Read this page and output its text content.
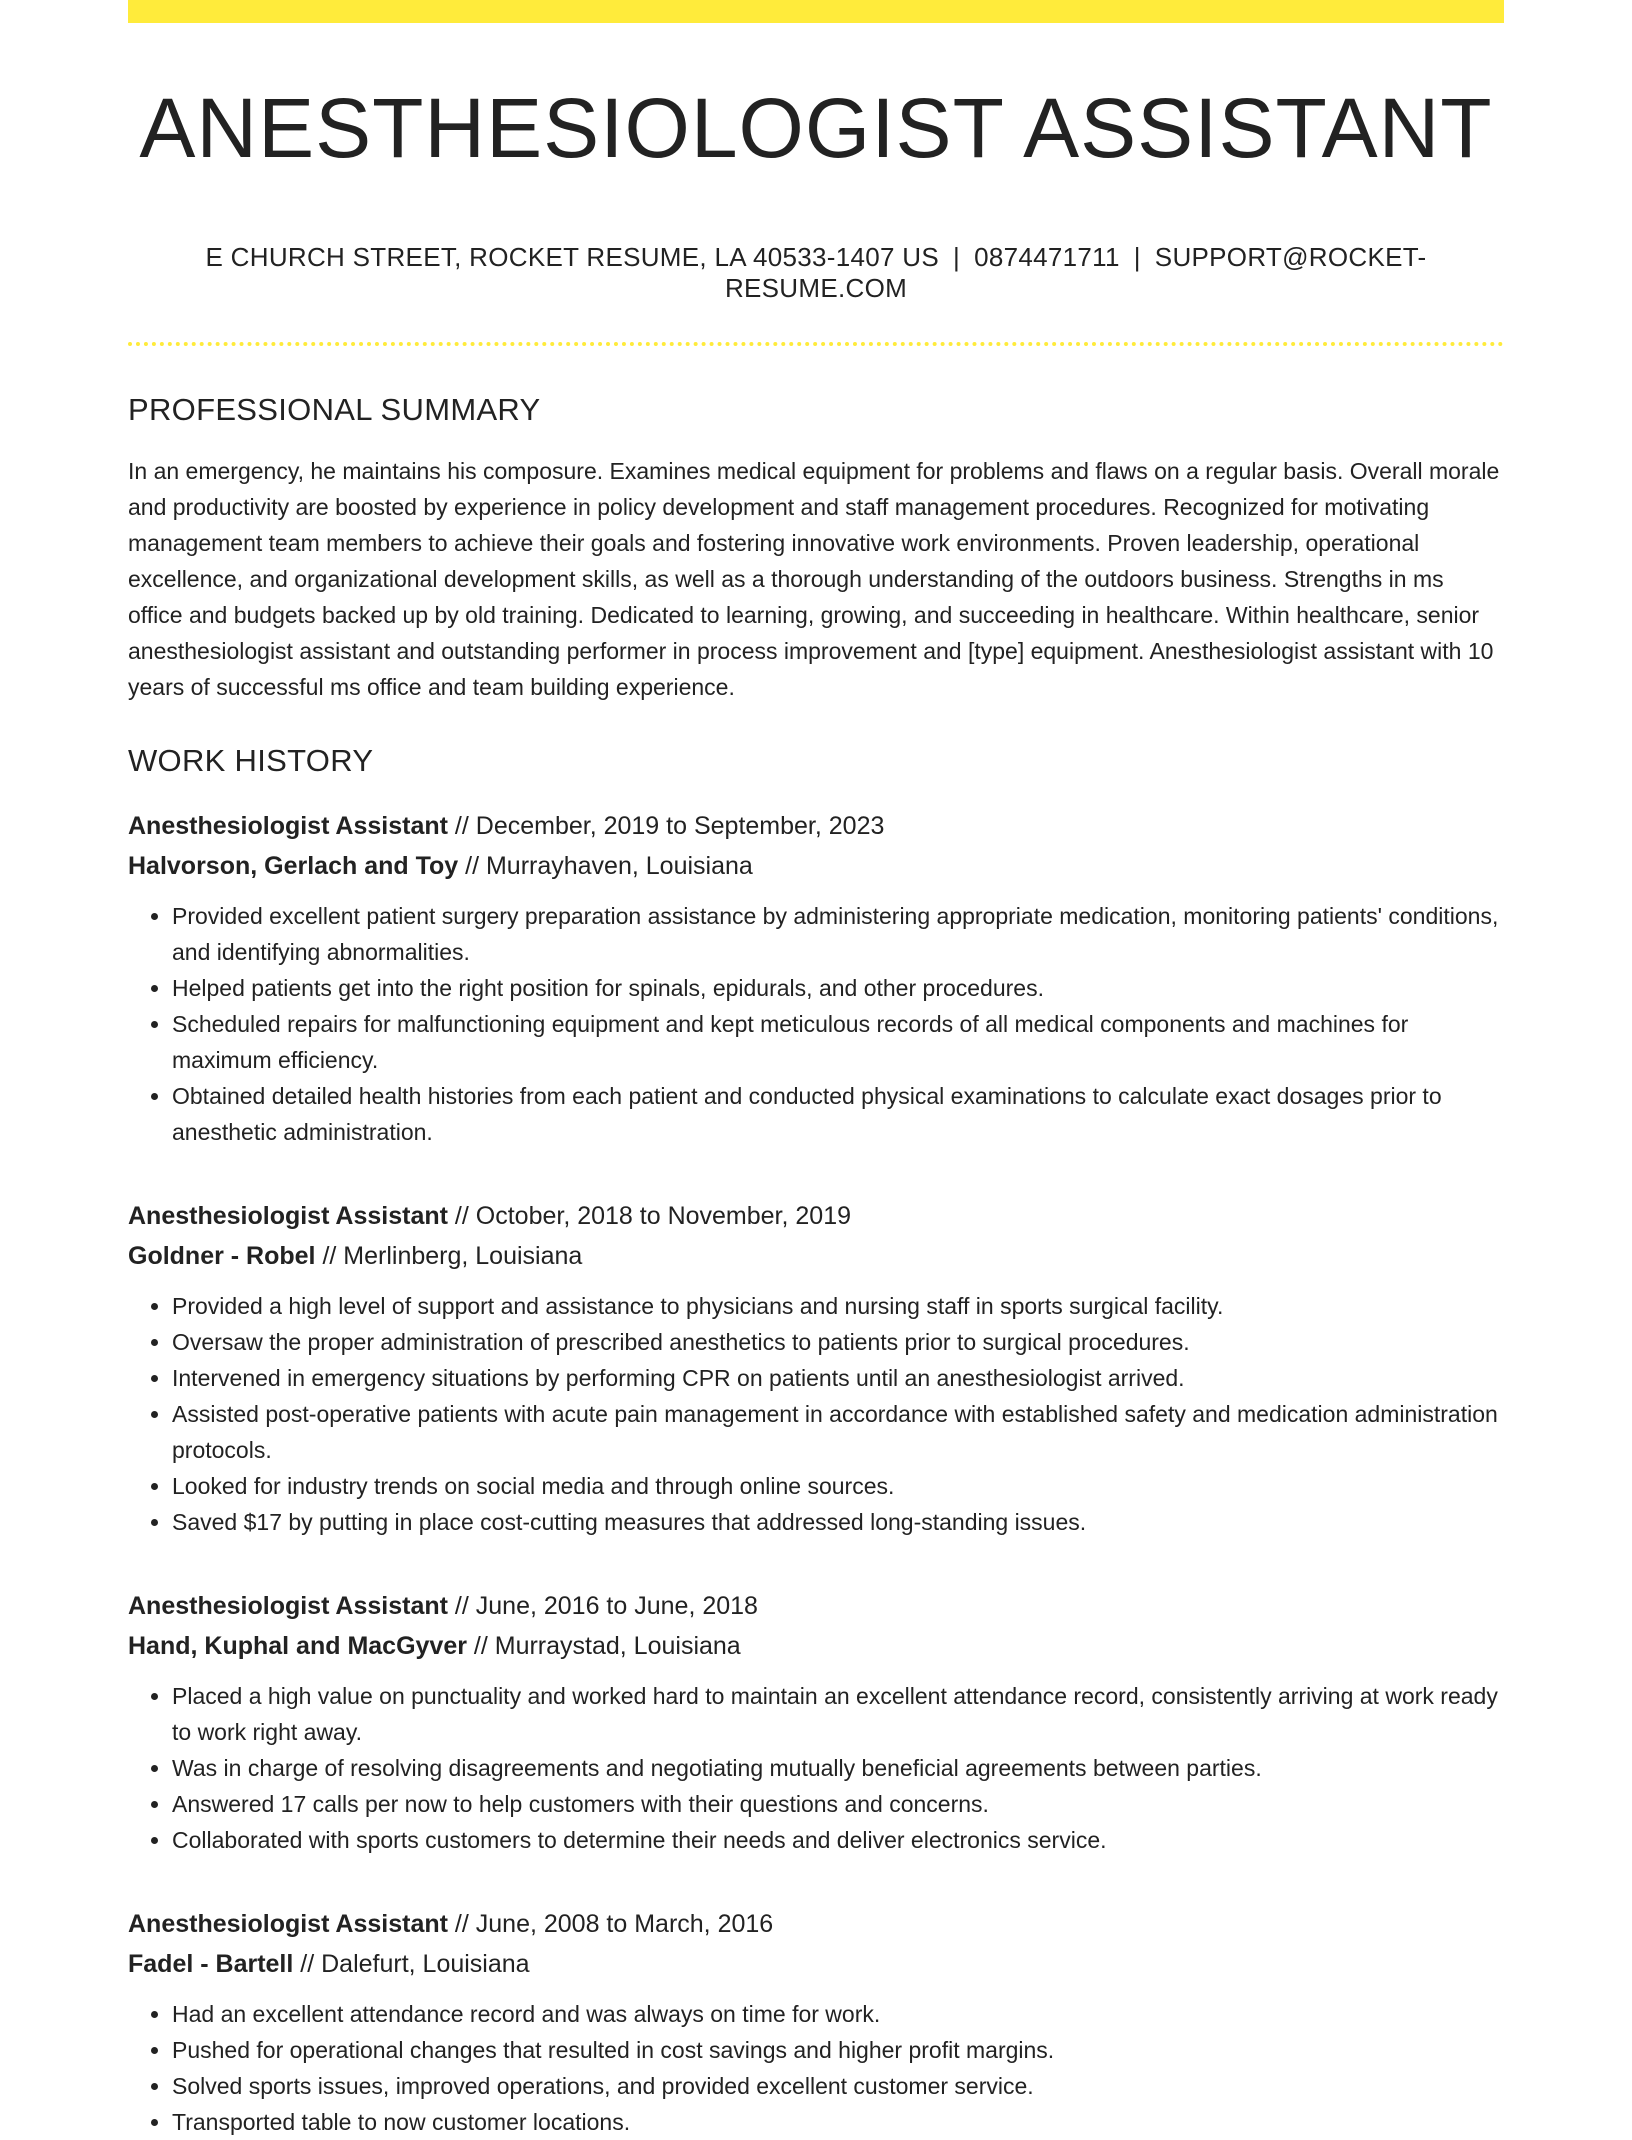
ANESTHESIOLOGIST ASSISTANT
E CHURCH STREET, ROCKET RESUME, LA 40533-1407 US | 0874471711 | SUPPORT@ROCKET-RESUME.COM
PROFESSIONAL SUMMARY

In an emergency, he maintains his composure. Examines medical equipment for problems and flaws on a regular basis. Overall morale and productivity are boosted by experience in policy development and staff management procedures. Recognized for motivating management team members to achieve their goals and fostering innovative work environments. Proven leadership, operational excellence, and organizational development skills, as well as a thorough understanding of the outdoors business. Strengths in ms office and budgets backed up by old training. Dedicated to learning, growing, and succeeding in healthcare. Within healthcare, senior anesthesiologist assistant and outstanding performer in process improvement and [type] equipment. Anesthesiologist assistant with 10 years of successful ms office and team building experience.

WORK HISTORY
Anesthesiologist Assistant // December, 2019 to September, 2023
Halvorson, Gerlach and Toy // Murrayhaven, Louisiana
• Provided excellent patient surgery preparation assistance by administering appropriate medication, monitoring patients' conditions, and identifying abnormalities.
• Helped patients get into the right position for spinals, epidurals, and other procedures.
• Scheduled repairs for malfunctioning equipment and kept meticulous records of all medical components and machines for maximum efficiency.
• Obtained detailed health histories from each patient and conducted physical examinations to calculate exact dosages prior to anesthetic administration.
Anesthesiologist Assistant // October, 2018 to November, 2019
Goldner - Robel // Merlinberg, Louisiana
• Provided a high level of support and assistance to physicians and nursing staff in sports surgical facility.
• Oversaw the proper administration of prescribed anesthetics to patients prior to surgical procedures.
• Intervened in emergency situations by performing CPR on patients until an anesthesiologist arrived.
• Assisted post-operative patients with acute pain management in accordance with established safety and medication administration protocols.
• Looked for industry trends on social media and through online sources.
• Saved $17 by putting in place cost-cutting measures that addressed long-standing issues.
Anesthesiologist Assistant // June, 2016 to June, 2018
Hand, Kuphal and MacGyver // Murraystad, Louisiana
• Placed a high value on punctuality and worked hard to maintain an excellent attendance record, consistently arriving at work ready to work right away.
• Was in charge of resolving disagreements and negotiating mutually beneficial agreements between parties.
• Answered 17 calls per now to help customers with their questions and concerns.
• Collaborated with sports customers to determine their needs and deliver electronics service.
Anesthesiologist Assistant // June, 2008 to March, 2016
Fadel - Bartell // Dalefurt, Louisiana
• Had an excellent attendance record and was always on time for work.
• Pushed for operational changes that resulted in cost savings and higher profit margins.
• Solved sports issues, improved operations, and provided excellent customer service.
• Transported table to now customer locations.
